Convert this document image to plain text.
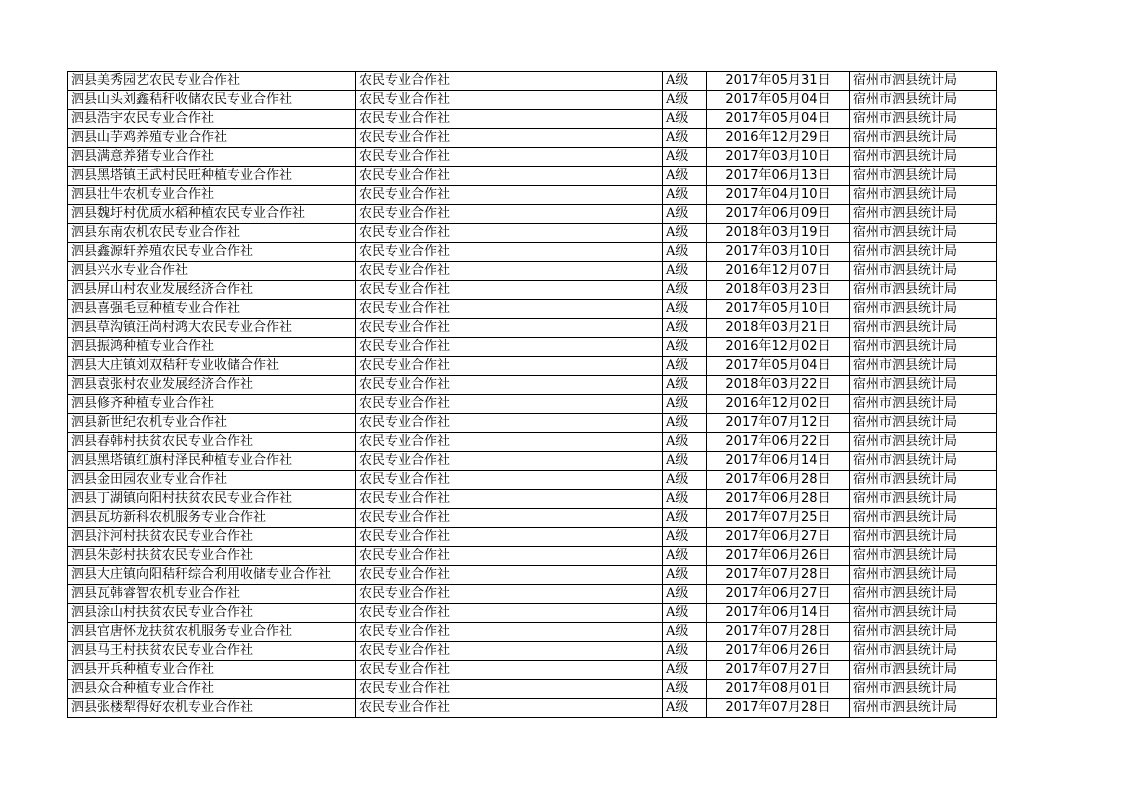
泗县美秀园艺农民专业合作社	农民专业合作社	A级	2017年05月31日	宿州市泗县统计局
泗县山头刘鑫秸秆收储农民专业合作社	农民专业合作社	A级	2017年05月04日	宿州市泗县统计局
泗县浩宇农民专业合作社	农民专业合作社	A级	2017年05月04日	宿州市泗县统计局
泗县山芋鸡养殖专业合作社	农民专业合作社	A级	2016年12月29日	宿州市泗县统计局
泗县满意养猪专业合作社	农民专业合作社	A级	2017年03月10日	宿州市泗县统计局
泗县黑塔镇王武村民旺种植专业合作社	农民专业合作社	A级	2017年06月13日	宿州市泗县统计局
泗县壮牛农机专业合作社	农民专业合作社	A级	2017年04月10日	宿州市泗县统计局
泗县魏圩村优质水稻种植农民专业合作社	农民专业合作社	A级	2017年06月09日	宿州市泗县统计局
泗县东南农机农民专业合作社	农民专业合作社	A级	2018年03月19日	宿州市泗县统计局
泗县鑫源轩养殖农民专业合作社	农民专业合作社	A级	2017年03月10日	宿州市泗县统计局
泗县兴水专业合作社	农民专业合作社	A级	2016年12月07日	宿州市泗县统计局
泗县屏山村农业发展经济合作社	农民专业合作社	A级	2018年03月23日	宿州市泗县统计局
泗县喜强毛豆种植专业合作社	农民专业合作社	A级	2017年05月10日	宿州市泗县统计局
泗县草沟镇汪尚村鸿大农民专业合作社	农民专业合作社	A级	2018年03月21日	宿州市泗县统计局
泗县振鸿种植专业合作社	农民专业合作社	A级	2016年12月02日	宿州市泗县统计局
泗县大庄镇刘双秸秆专业收储合作社	农民专业合作社	A级	2017年05月04日	宿州市泗县统计局
泗县袁张村农业发展经济合作社	农民专业合作社	A级	2018年03月22日	宿州市泗县统计局
泗县修齐种植专业合作社	农民专业合作社	A级	2016年12月02日	宿州市泗县统计局
泗县新世纪农机专业合作社	农民专业合作社	A级	2017年07月12日	宿州市泗县统计局
泗县春韩村扶贫农民专业合作社	农民专业合作社	A级	2017年06月22日	宿州市泗县统计局
泗县黑塔镇红旗村泽民种植专业合作社	农民专业合作社	A级	2017年06月14日	宿州市泗县统计局
泗县金田园农业专业合作社	农民专业合作社	A级	2017年06月28日	宿州市泗县统计局
泗县丁湖镇向阳村扶贫农民专业合作社	农民专业合作社	A级	2017年06月28日	宿州市泗县统计局
泗县瓦坊新科农机服务专业合作社	农民专业合作社	A级	2017年07月25日	宿州市泗县统计局
泗县汴河村扶贫农民专业合作社	农民专业合作社	A级	2017年06月27日	宿州市泗县统计局
泗县朱彭村扶贫农民专业合作社	农民专业合作社	A级	2017年06月26日	宿州市泗县统计局
泗县大庄镇向阳秸秆综合利用收储专业合作社	农民专业合作社	A级	2017年07月28日	宿州市泗县统计局
泗县瓦韩睿智农机专业合作社	农民专业合作社	A级	2017年06月27日	宿州市泗县统计局
泗县涂山村扶贫农民专业合作社	农民专业合作社	A级	2017年06月14日	宿州市泗县统计局
泗县官唐怀龙扶贫农机服务专业合作社	农民专业合作社	A级	2017年07月28日	宿州市泗县统计局
泗县马王村扶贫农民专业合作社	农民专业合作社	A级	2017年06月26日	宿州市泗县统计局
泗县开兵种植专业合作社	农民专业合作社	A级	2017年07月27日	宿州市泗县统计局
泗县众合种植专业合作社	农民专业合作社	A级	2017年08月01日	宿州市泗县统计局
泗县张楼犁得好农机专业合作社	农民专业合作社	A级	2017年07月28日	宿州市泗县统计局
